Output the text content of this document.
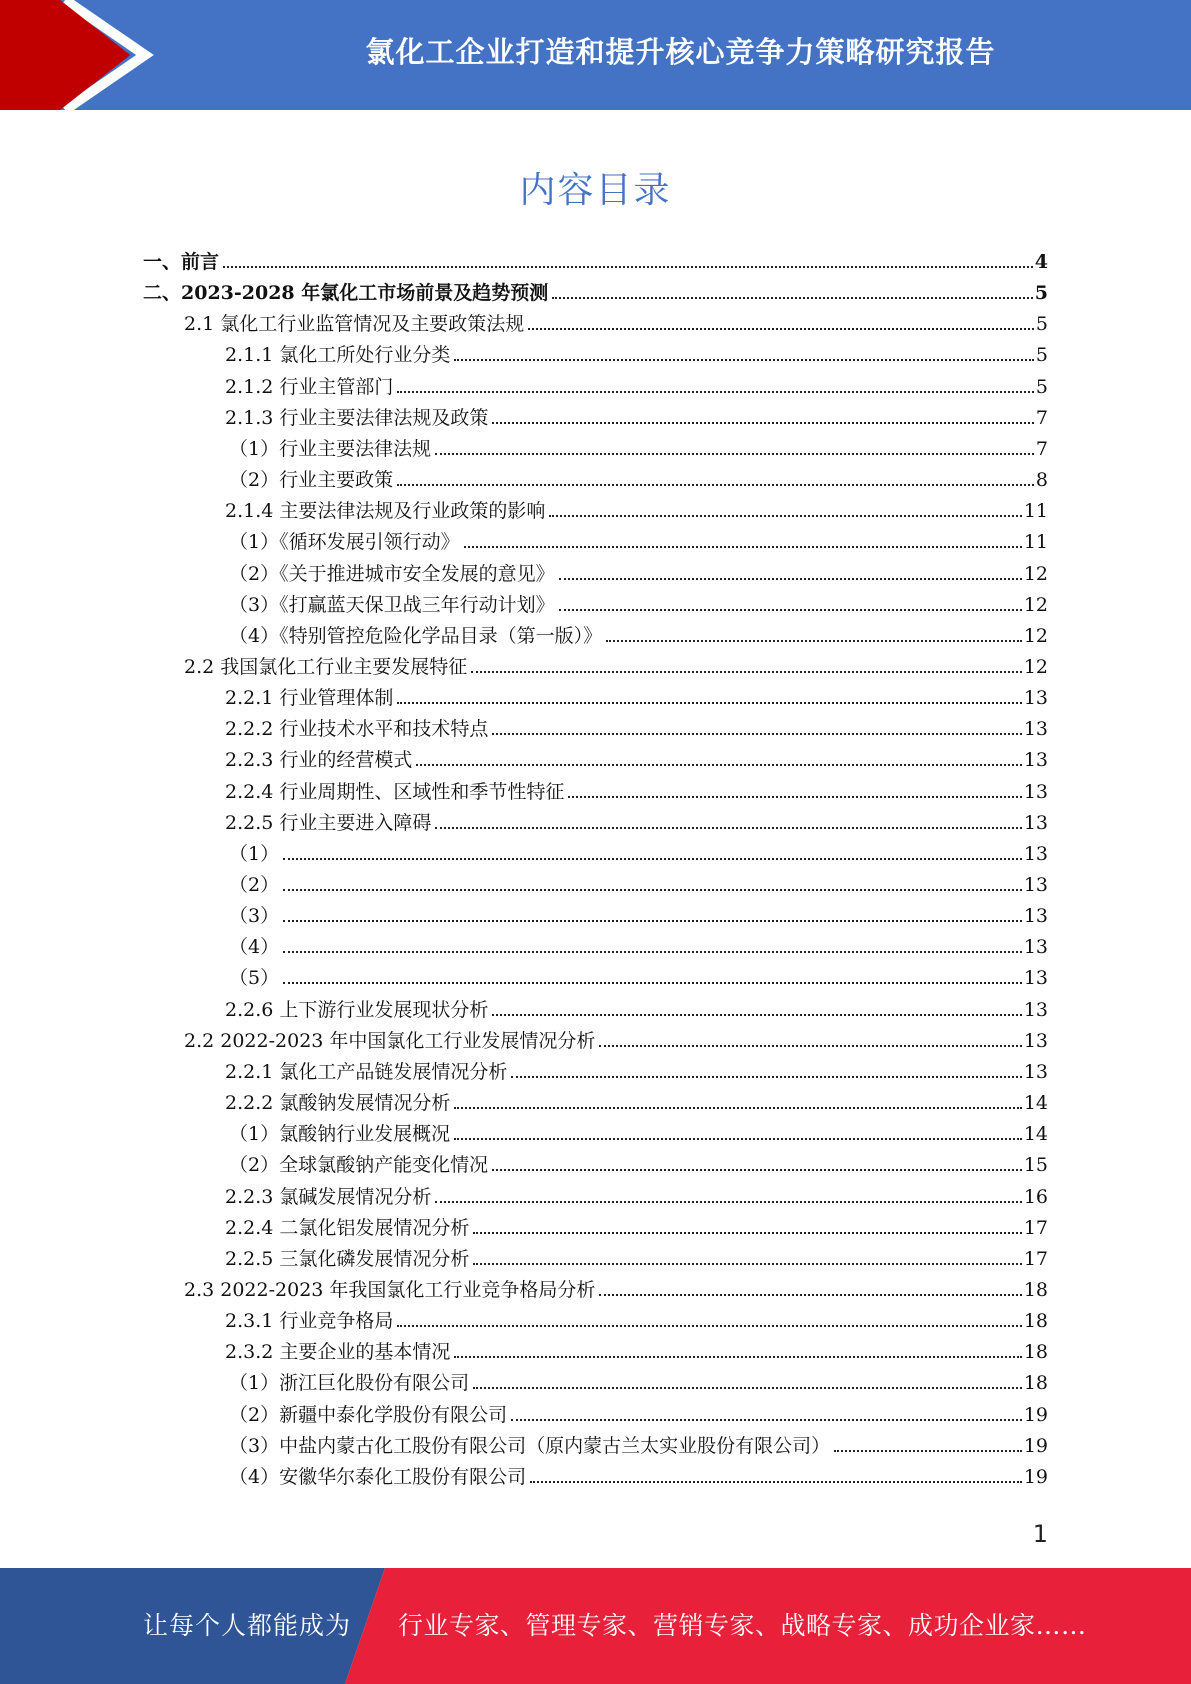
氯化工企业打造和提升核心竞争力策略研究报告
内容目录
一、前言	4
二、2023-2028 年氯化工市场前景及趋势预测	5
2.1 氯化工行业监管情况及主要政策法规	5
2.1.1 氯化工所处行业分类	5
2.1.2 行业主管部门	5
2.1.3 行业主要法律法规及政策	7
（1）行业主要法律法规	7
（2）行业主要政策	8
2.1.4 主要法律法规及行业政策的影响	11
（1）《循环发展引领行动》	11
（2）《关于推进城市安全发展的意见》	12
（3）《打赢蓝天保卫战三年行动计划》	12
（4）《特别管控危险化学品目录（第一版）》	12
2.2 我国氯化工行业主要发展特征	12
2.2.1 行业管理体制	13
2.2.2 行业技术水平和技术特点	13
2.2.3 行业的经营模式	13
2.2.4 行业周期性、区域性和季节性特征	13
2.2.5 行业主要进入障碍	13
（1）	13
（2）	13
（3）	13
（4）	13
（5）	13
2.2.6 上下游行业发展现状分析	13
2.2 2022-2023 年中国氯化工行业发展情况分析	13
2.2.1 氯化工产品链发展情况分析	13
2.2.2 氯酸钠发展情况分析	14
（1）氯酸钠行业发展概况	14
（2）全球氯酸钠产能变化情况	15
2.2.3 氯碱发展情况分析	16
2.2.4 二氯化铝发展情况分析	17
2.2.5 三氯化磷发展情况分析	17
2.3 2022-2023 年我国氯化工行业竞争格局分析	18
2.3.1 行业竞争格局	18
2.3.2 主要企业的基本情况	18
（1）浙江巨化股份有限公司	18
（2）新疆中泰化学股份有限公司	19
（3）中盐内蒙古化工股份有限公司（原内蒙古兰太实业股份有限公司）	19
（4）安徽华尔泰化工股份有限公司	19
1
让每个人都能成为 行业专家、管理专家、营销专家、战略专家、成功企业家……
